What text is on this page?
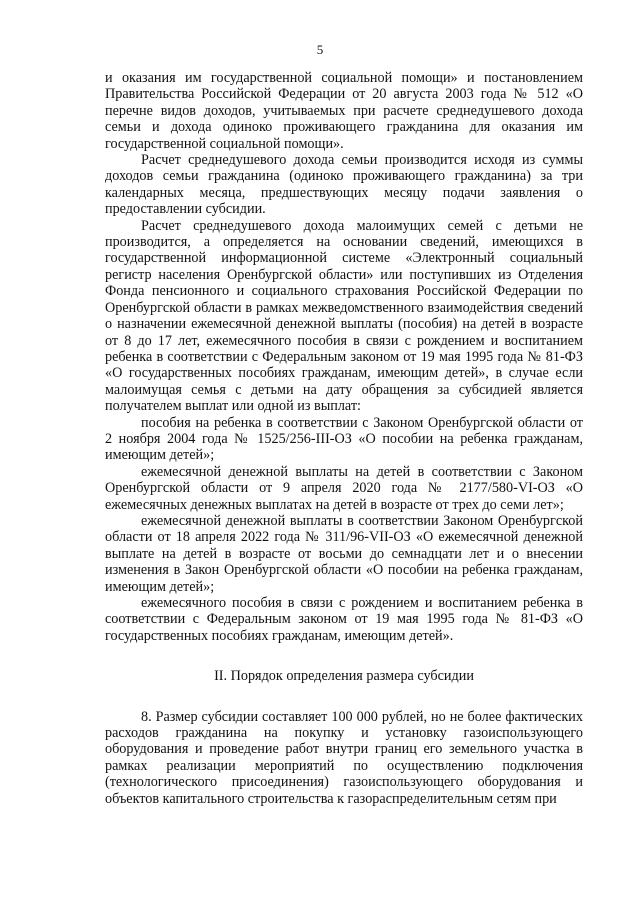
5

и оказания им государственной социальной помощи» и постановлением Правительства Российской Федерации от 20 августа 2003 года № 512 «О перечне видов доходов, учитываемых при расчете среднедушевого дохода семьи и дохода одиноко проживающего гражданина для оказания им государственной социальной помощи».

Расчет среднедушевого дохода семьи производится исходя из суммы доходов семьи гражданина (одиноко проживающего гражданина) за три календарных месяца, предшествующих месяцу подачи заявления о предоставлении субсидии.

Расчет среднедушевого дохода малоимущих семей с детьми не производится, а определяется на основании сведений, имеющихся в государственной информационной системе «Электронный социальный регистр населения Оренбургской области» или поступивших из Отделения Фонда пенсионного и социального страхования Российской Федерации по Оренбургской области в рамках межведомственного взаимодействия сведений о назначении ежемесячной денежной выплаты (пособия) на детей в возрасте от 8 до 17 лет, ежемесячного пособия в связи с рождением и воспитанием ребенка в соответствии с Федеральным законом от 19 мая 1995 года № 81-ФЗ «О государственных пособиях гражданам, имеющим детей», в случае если малоимущая семья с детьми на дату обращения за субсидией является получателем выплат или одной из выплат:

пособия на ребенка в соответствии с Законом Оренбургской области от 2 ноября 2004 года № 1525/256-III-ОЗ «О пособии на ребенка гражданам, имеющим детей»;

ежемесячной денежной выплаты на детей в соответствии с Законом Оренбургской области от 9 апреля 2020 года № 2177/580-VI-ОЗ «О ежемесячных денежных выплатах на детей в возрасте от трех до семи лет»;

ежемесячной денежной выплаты в соответствии Законом Оренбургской области от 18 апреля 2022 года № 311/96-VII-ОЗ «О ежемесячной денежной выплате на детей в возрасте от восьми до семнадцати лет и о внесении изменения в Закон Оренбургской области «О пособии на ребенка гражданам, имеющим детей»;

ежемесячного пособия в связи с рождением и воспитанием ребенка в соответствии с Федеральным законом от 19 мая 1995 года № 81-ФЗ «О государственных пособиях гражданам, имеющим детей».

II. Порядок определения размера субсидии

8. Размер субсидии составляет 100 000 рублей, но не более фактических расходов гражданина на покупку и установку газоиспользующего оборудования и проведение работ внутри границ его земельного участка в рамках реализации мероприятий по осуществлению подключения (технологического присоединения) газоиспользующего оборудования и объектов капитального строительства к газораспределительным сетям при
